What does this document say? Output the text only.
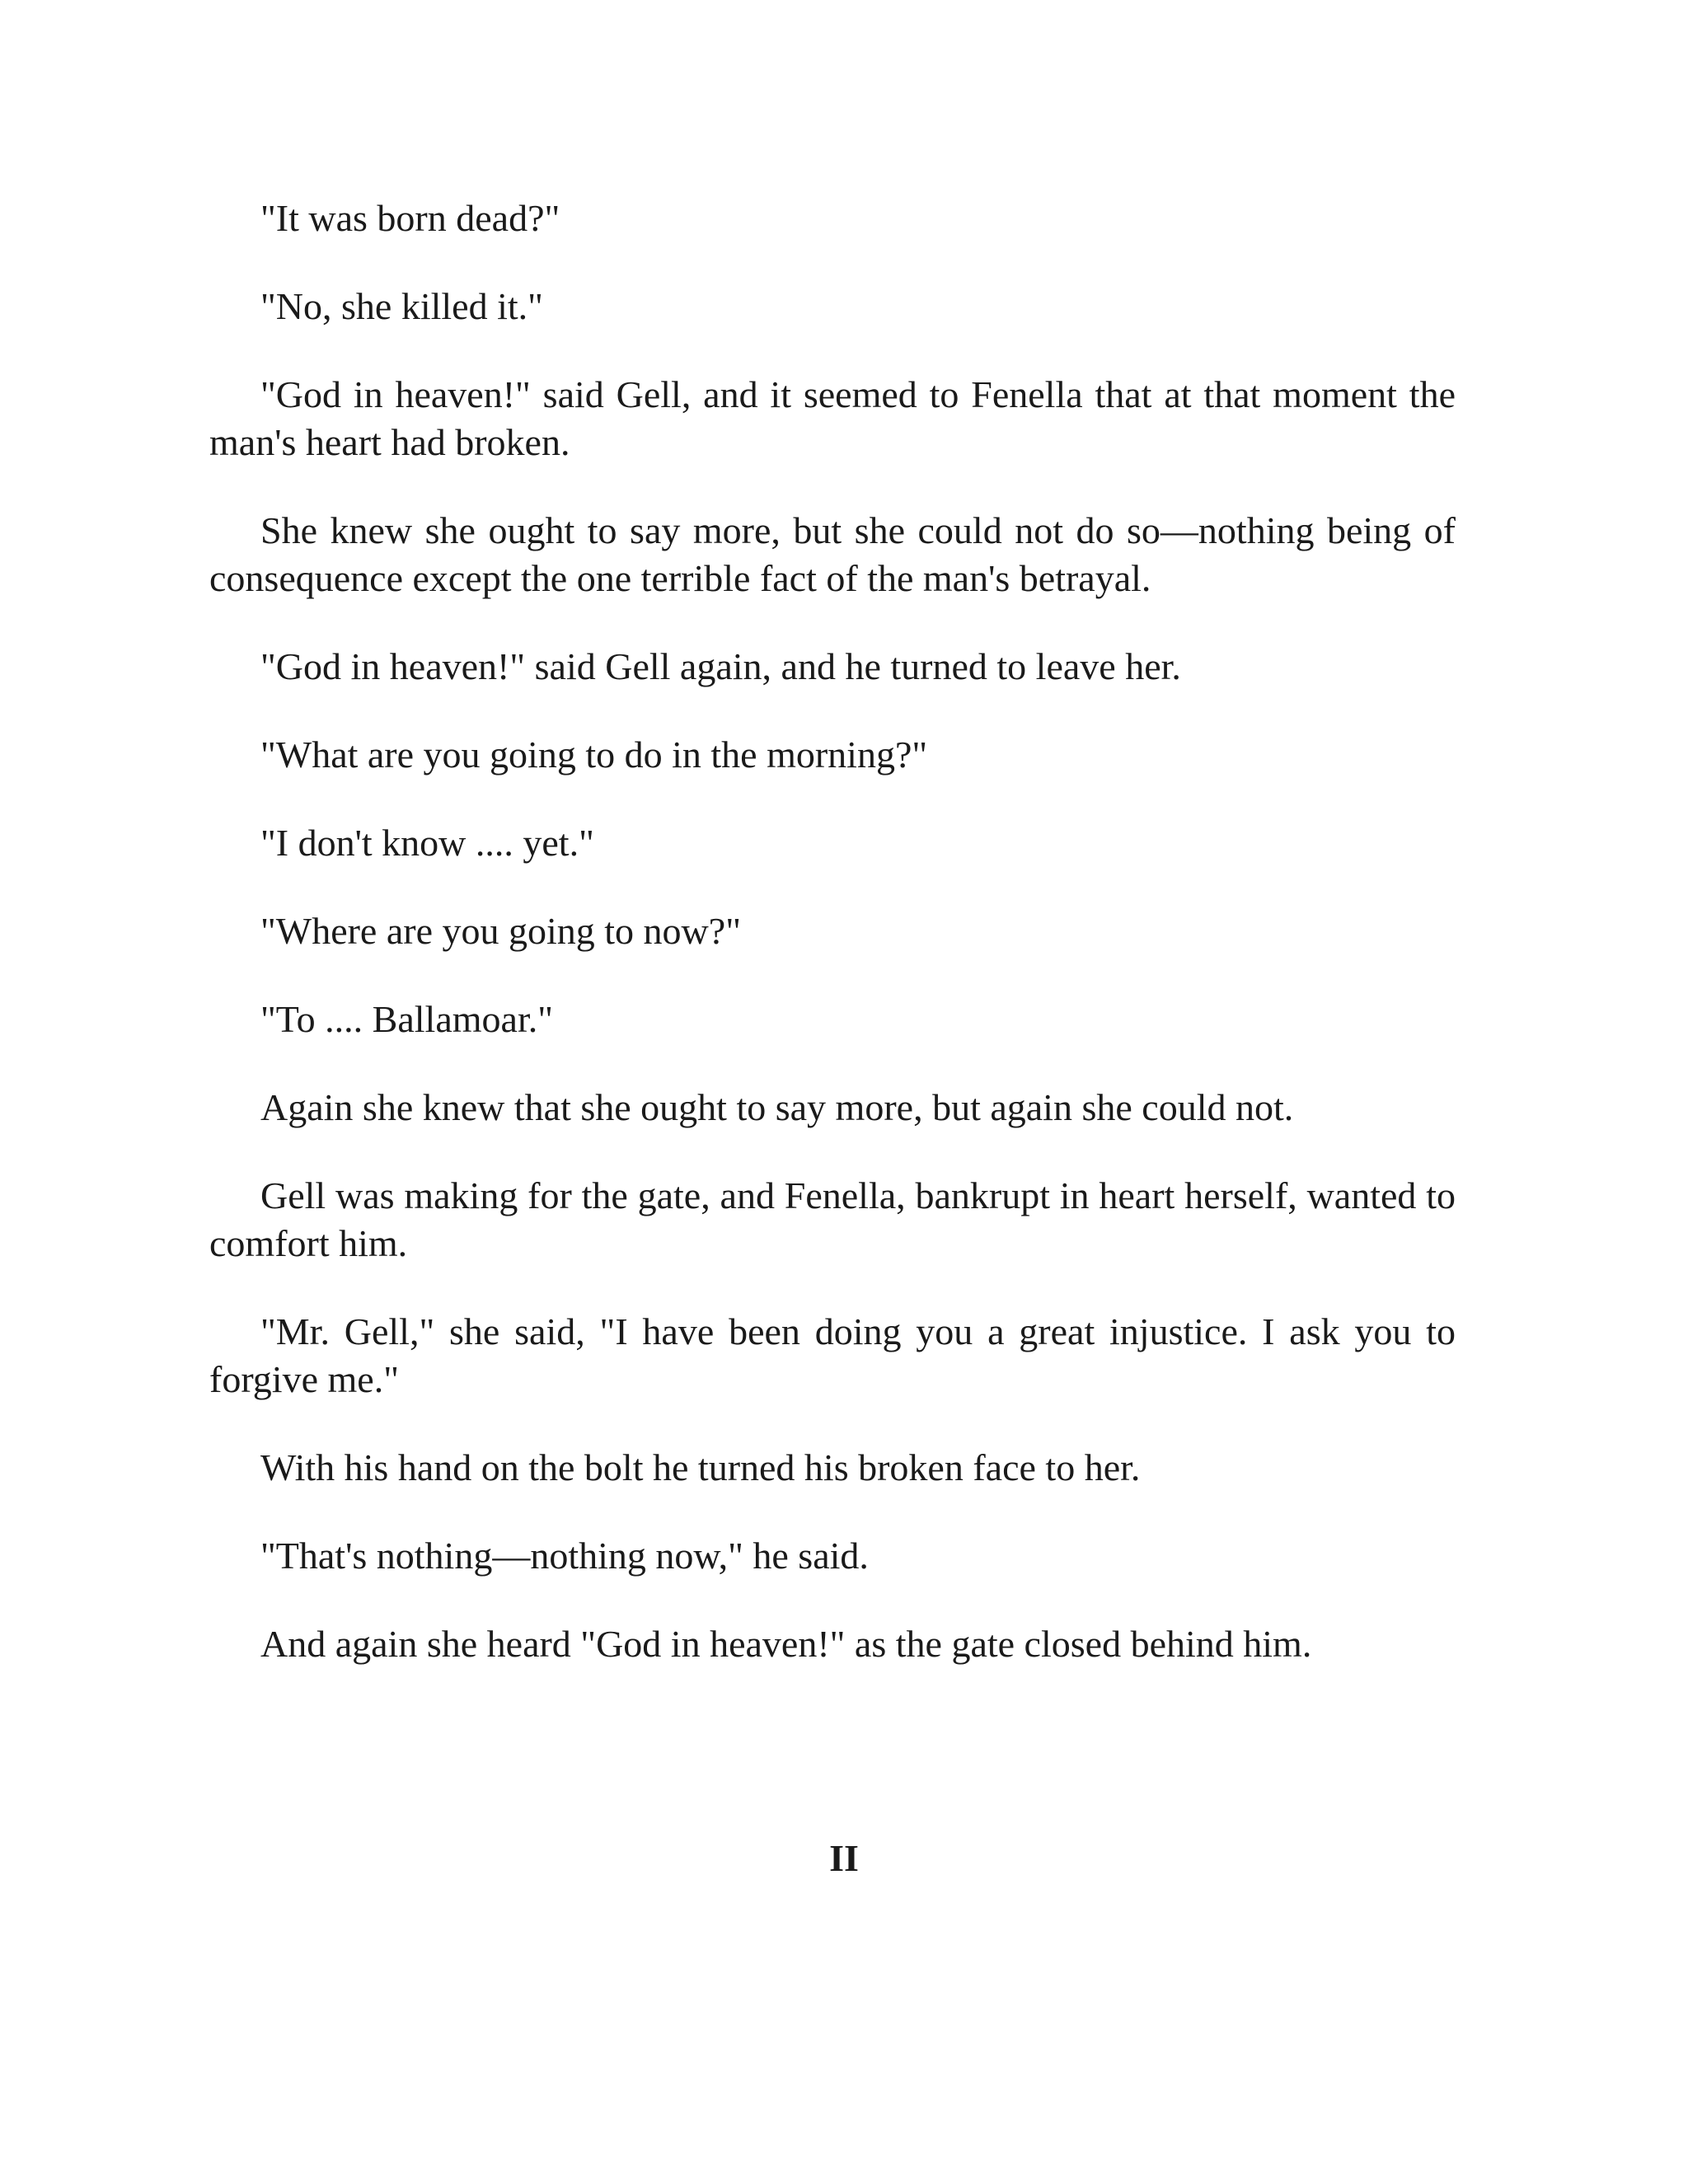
"It was born dead?"

"No, she killed it."

"God in heaven!" said Gell, and it seemed to Fenella that at that moment the man's heart had broken.

She knew she ought to say more, but she could not do so—nothing being of consequence except the one terrible fact of the man's betrayal.

"God in heaven!" said Gell again, and he turned to leave her.

"What are you going to do in the morning?"

"I don't know .... yet."

"Where are you going to now?"

"To .... Ballamoar."

Again she knew that she ought to say more, but again she could not.

Gell was making for the gate, and Fenella, bankrupt in heart herself, wanted to comfort him.

"Mr. Gell," she said, "I have been doing you a great injustice. I ask you to forgive me."

With his hand on the bolt he turned his broken face to her.

"That's nothing—nothing now," he said.

And again she heard "God in heaven!" as the gate closed behind him.

II
